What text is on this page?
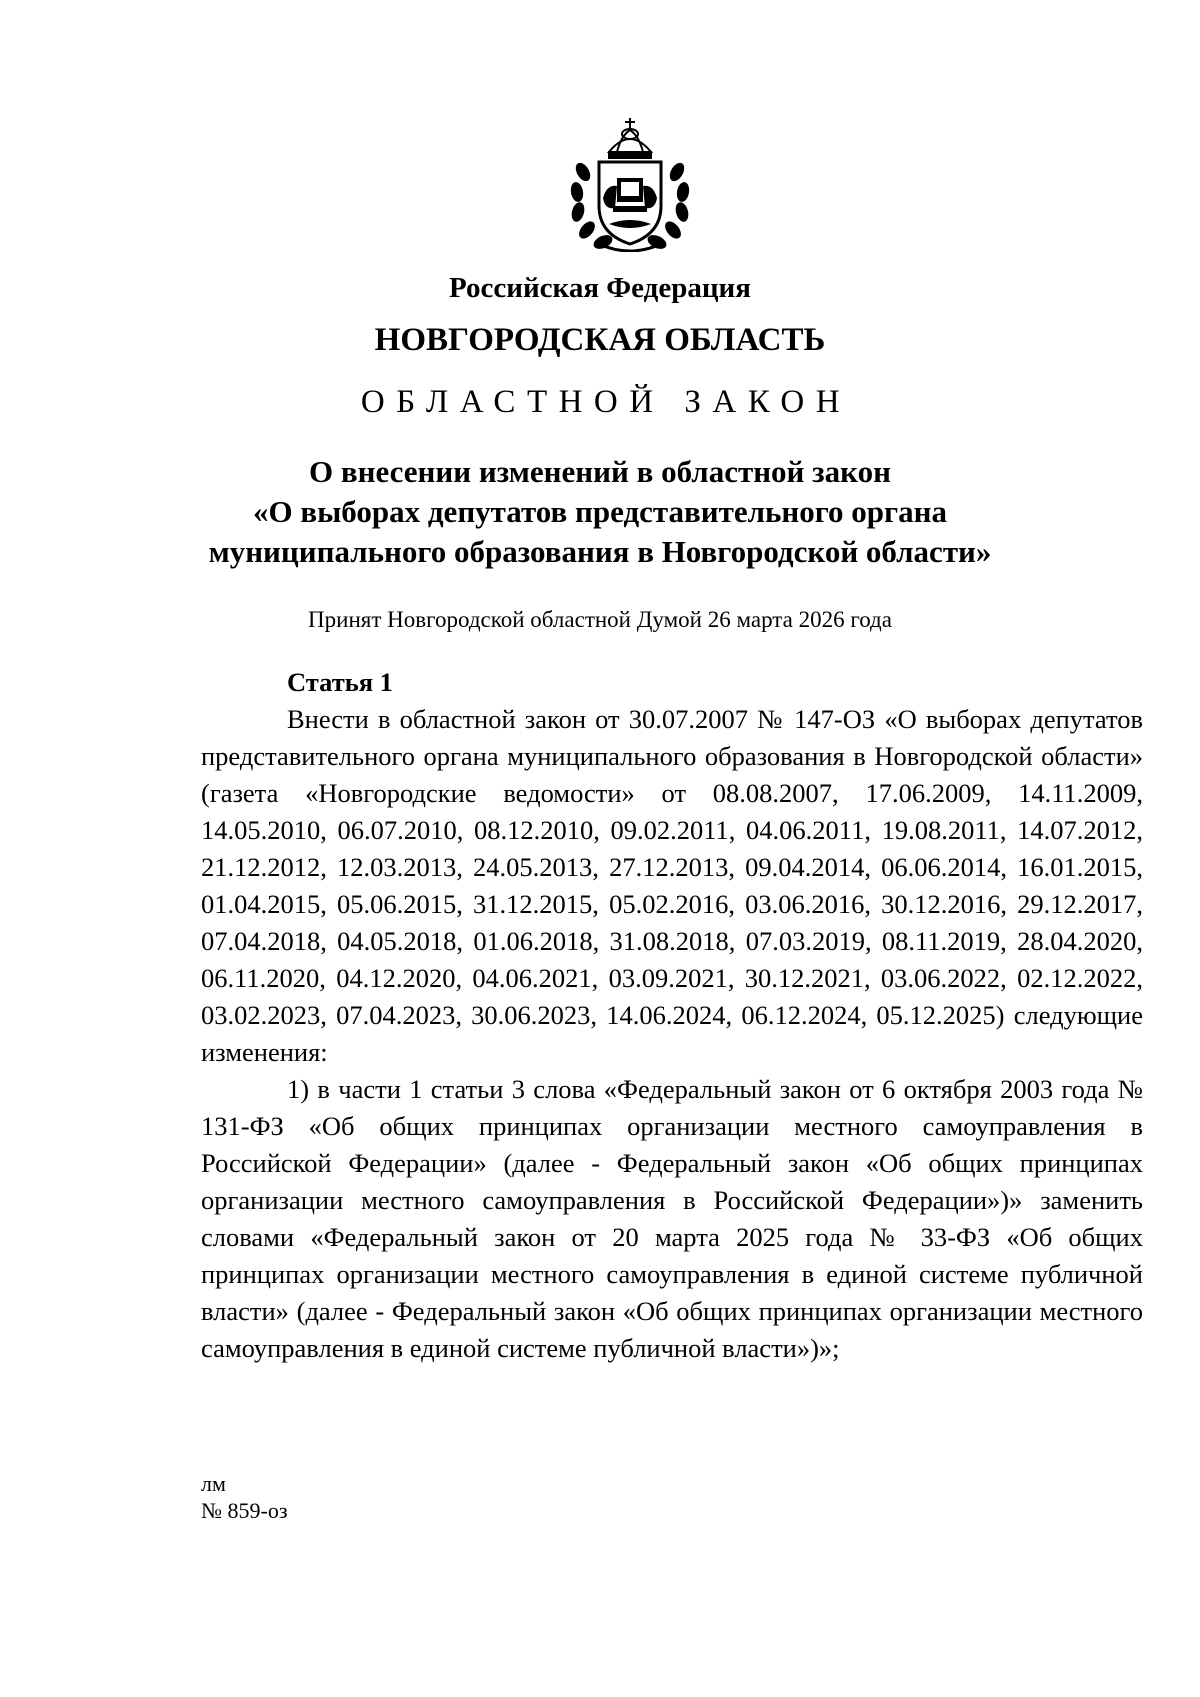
Российская Федерация
НОВГОРОДСКАЯ ОБЛАСТЬ
ОБЛАСТНОЙ ЗАКОН
О внесении изменений в областной закон
«О выборах депутатов представительного органа
муниципального образования в Новгородской области»
Принят Новгородской областной Думой 26 марта 2026 года
Статья 1

Внести в областной закон от 30.07.2007 № 147-ОЗ «О выборах депутатов представительного органа муниципального образования в Новгородской области» (газета «Новгородские ведомости» от 08.08.2007, 17.06.2009, 14.11.2009, 14.05.2010, 06.07.2010, 08.12.2010, 09.02.2011, 04.06.2011, 19.08.2011, 14.07.2012, 21.12.2012, 12.03.2013, 24.05.2013, 27.12.2013, 09.04.2014, 06.06.2014, 16.01.2015, 01.04.2015, 05.06.2015, 31.12.2015, 05.02.2016, 03.06.2016, 30.12.2016, 29.12.2017, 07.04.2018, 04.05.2018, 01.06.2018, 31.08.2018, 07.03.2019, 08.11.2019, 28.04.2020, 06.11.2020, 04.12.2020, 04.06.2021, 03.09.2021, 30.12.2021, 03.06.2022, 02.12.2022, 03.02.2023, 07.04.2023, 30.06.2023, 14.06.2024, 06.12.2024, 05.12.2025) следующие изменения:

1) в части 1 статьи 3 слова «Федеральный закон от 6 октября 2003 года № 131-ФЗ «Об общих принципах организации местного самоуправления в Российской Федерации» (далее - Федеральный закон «Об общих принципах организации местного самоуправления в Российской Федерации»)» заменить словами «Федеральный закон от 20 марта 2025 года № 33-ФЗ «Об общих принципах организации местного самоуправления в единой системе публичной власти» (далее - Федеральный закон «Об общих принципах организации местного самоуправления в единой системе публичной власти»)»;

лм
№ 859-оз
